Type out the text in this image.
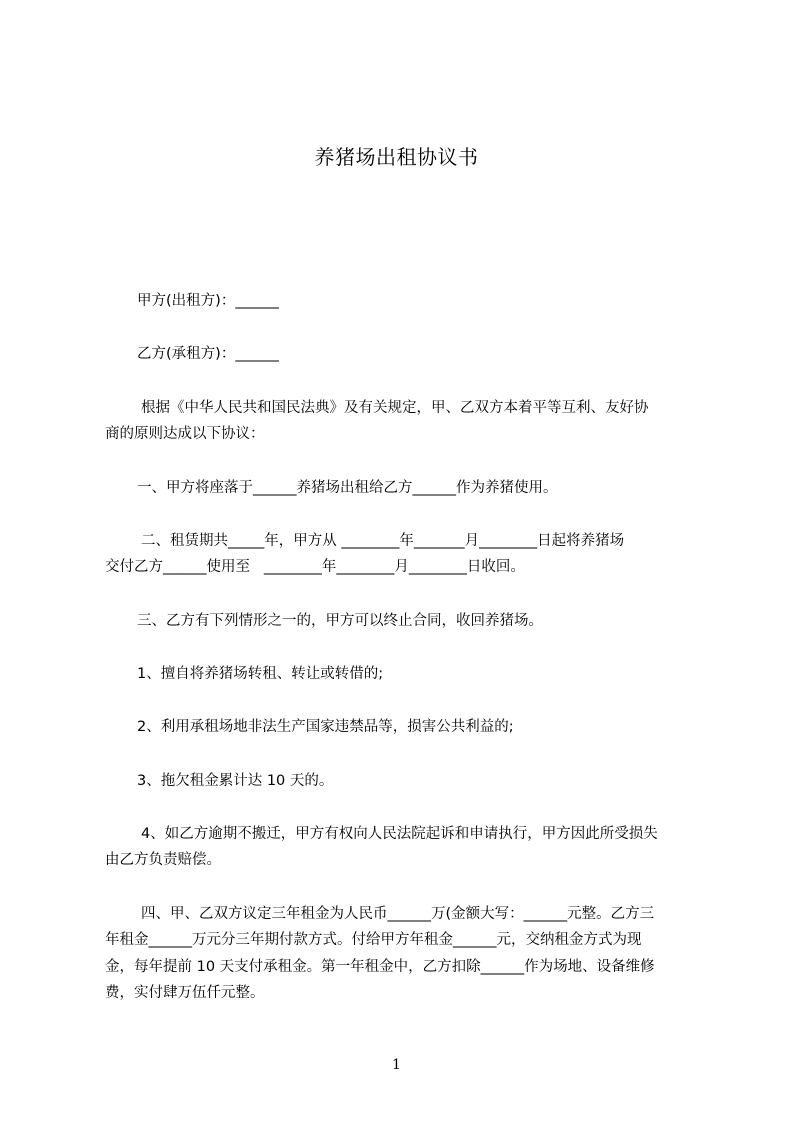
养猪场出租协议书
甲方(出租方)：______
乙方(承租方)：______
根据《中华人民共和国民法典》及有关规定，甲、乙双方本着平等互利、友好协
商的原则达成以下协议：
一、甲方将座落于______养猪场出租给乙方______作为养猪使用。
二、租赁期共_____年，甲方从 ________年_______月________日起将养猪场
交付乙方______使用至   ________年________月________日收回。
三、乙方有下列情形之一的，甲方可以终止合同，收回养猪场。
1、擅自将养猪场转租、转让或转借的;
2、利用承租场地非法生产国家违禁品等，损害公共利益的;
3、拖欠租金累计达 10 天的。
4、如乙方逾期不搬迁，甲方有权向人民法院起诉和申请执行，甲方因此所受损失
由乙方负责赔偿。
四、甲、乙双方议定三年租金为人民币______万(金额大写：______元整。乙方三
年租金______万元分三年期付款方式。付给甲方年租金______元，交纳租金方式为现
金，每年提前 10 天支付承租金。第一年租金中，乙方扣除______作为场地、设备维修
费，实付肆万伍仟元整。
1
